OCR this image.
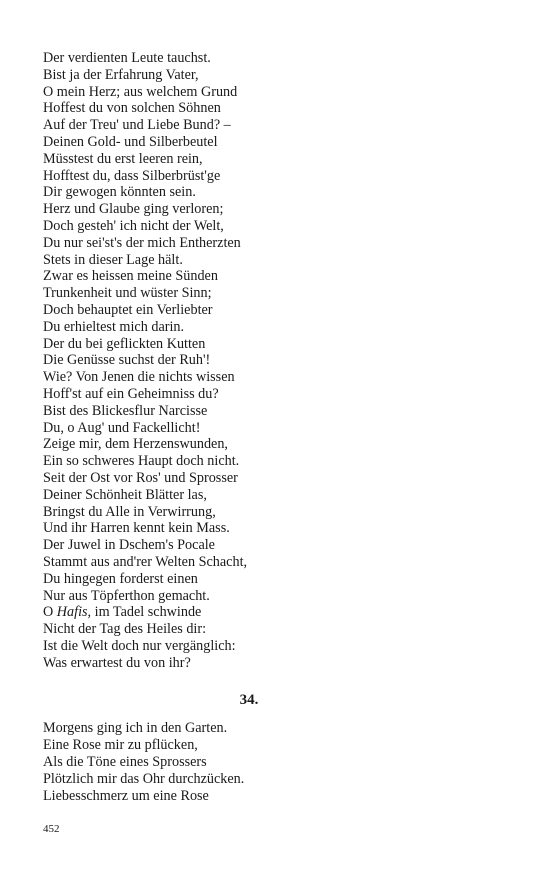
Der verdienten Leute tauchst.
Bist ja der Erfahrung Vater,
O mein Herz; aus welchem Grund
Hoffest du von solchen Söhnen
Auf der Treu' und Liebe Bund? –
Deinen Gold- und Silberbeutel
Müsstest du erst leeren rein,
Hofftest du, dass Silberbrüst'ge
Dir gewogen könnten sein.
Herz und Glaube ging verloren;
Doch gesteh' ich nicht der Welt,
Du nur sei'st's der mich Entherzten
Stets in dieser Lage hält.
Zwar es heissen meine Sünden
Trunkenheit und wüster Sinn;
Doch behauptet ein Verliebter
Du erhieltest mich darin.
Der du bei geflickten Kutten
Die Genüsse suchst der Ruh'!
Wie? Von Jenen die nichts wissen
Hoff'st auf ein Geheimniss du?
Bist des Blickesflur Narcisse
Du, o Aug' und Fackellicht!
Zeige mir, dem Herzenswunden,
Ein so schweres Haupt doch nicht.
Seit der Ost vor Ros' und Sprosser
Deiner Schönheit Blätter las,
Bringst du Alle in Verwirrung,
Und ihr Harren kennt kein Mass.
Der Juwel in Dschem's Pocale
Stammt aus and'rer Welten Schacht,
Du hingegen forderst einen
Nur aus Töpferthon gemacht.
O Hafis, im Tadel schwinde
Nicht der Tag des Heiles dir:
Ist die Welt doch nur vergänglich:
Was erwartest du von ihr?
34.
Morgens ging ich in den Garten.
Eine Rose mir zu pflücken,
Als die Töne eines Sprossers
Plötzlich mir das Ohr durchzücken.
Liebesschmerz um eine Rose
452
